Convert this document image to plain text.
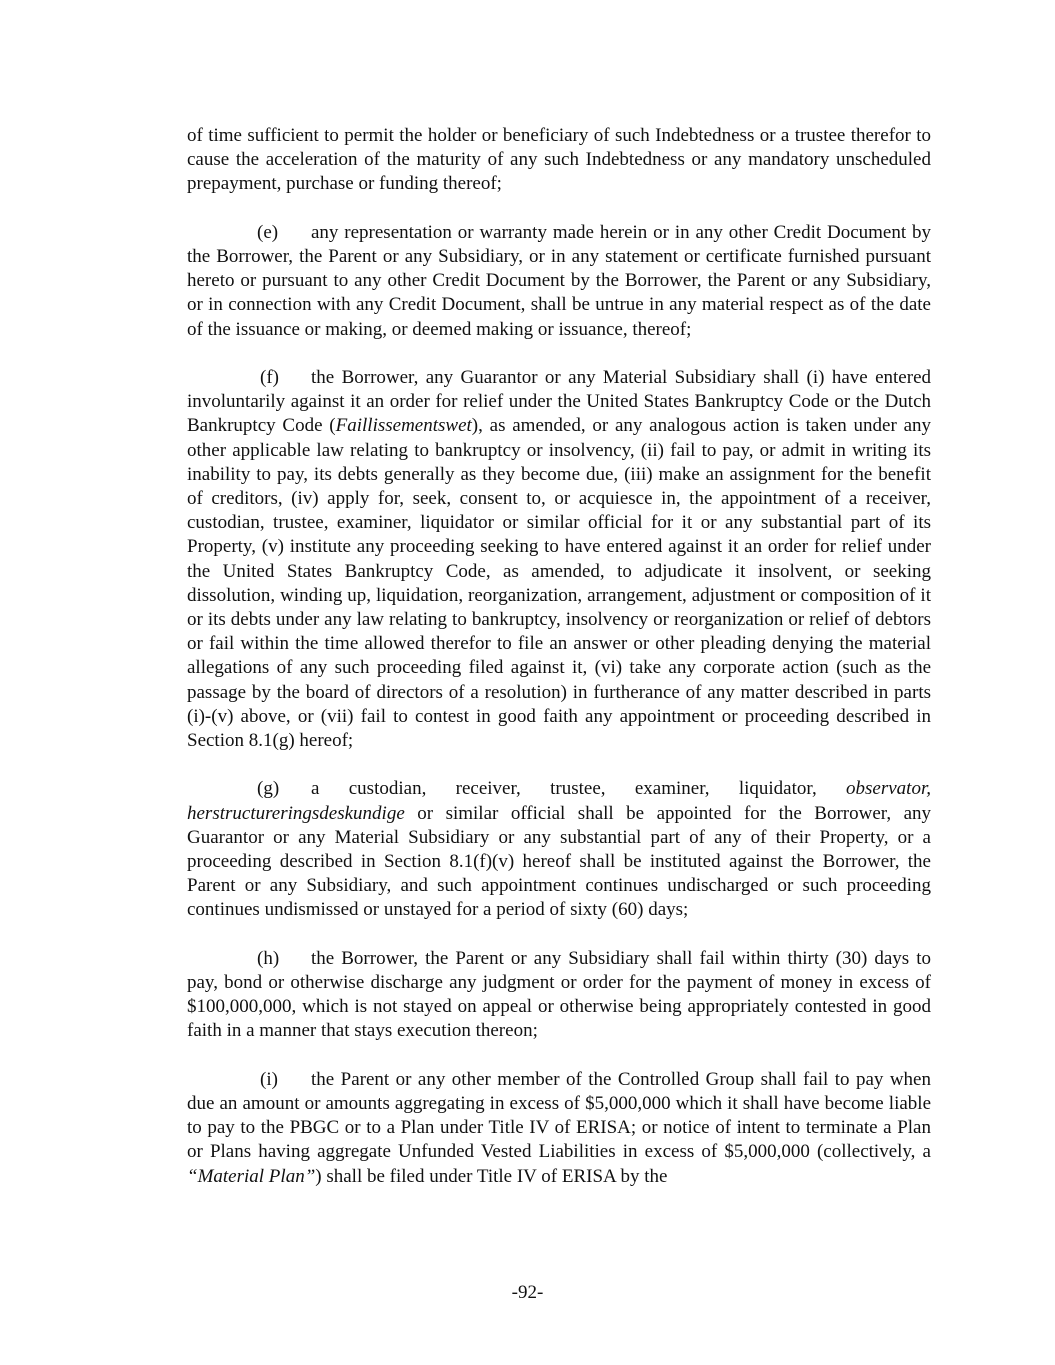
of time sufficient to permit the holder or beneficiary of such Indebtedness or a trustee therefor to cause the acceleration of the maturity of any such Indebtedness or any mandatory unscheduled prepayment, purchase or funding thereof;

(e) any representation or warranty made herein or in any other Credit Document by the Borrower, the Parent or any Subsidiary, or in any statement or certificate furnished pursuant hereto or pursuant to any other Credit Document by the Borrower, the Parent or any Subsidiary, or in connection with any Credit Document, shall be untrue in any material respect as of the date of the issuance or making, or deemed making or issuance, thereof;

(f) the Borrower, any Guarantor or any Material Subsidiary shall (i) have entered involuntarily against it an order for relief under the United States Bankruptcy Code or the Dutch Bankruptcy Code (Faillissementswet), as amended, or any analogous action is taken under any other applicable law relating to bankruptcy or insolvency, (ii) fail to pay, or admit in writing its inability to pay, its debts generally as they become due, (iii) make an assignment for the benefit of creditors, (iv) apply for, seek, consent to, or acquiesce in, the appointment of a receiver, custodian, trustee, examiner, liquidator or similar official for it or any substantial part of its Property, (v) institute any proceeding seeking to have entered against it an order for relief under the United States Bankruptcy Code, as amended, to adjudicate it insolvent, or seeking dissolution, winding up, liquidation, reorganization, arrangement, adjustment or composition of it or its debts under any law relating to bankruptcy, insolvency or reorganization or relief of debtors or fail within the time allowed therefor to file an answer or other pleading denying the material allegations of any such proceeding filed against it, (vi) take any corporate action (such as the passage by the board of directors of a resolution) in furtherance of any matter described in parts (i)-(v) above, or (vii) fail to contest in good faith any appointment or proceeding described in Section 8.1(g) hereof;

(g) a custodian, receiver, trustee, examiner, liquidator, observator, herstructureringsdeskundige or similar official shall be appointed for the Borrower, any Guarantor or any Material Subsidiary or any substantial part of any of their Property, or a proceeding described in Section 8.1(f)(v) hereof shall be instituted against the Borrower, the Parent or any Subsidiary, and such appointment continues undischarged or such proceeding continues undismissed or unstayed for a period of sixty (60) days;

(h) the Borrower, the Parent or any Subsidiary shall fail within thirty (30) days to pay, bond or otherwise discharge any judgment or order for the payment of money in excess of $100,000,000, which is not stayed on appeal or otherwise being appropriately contested in good faith in a manner that stays execution thereon;

(i) the Parent or any other member of the Controlled Group shall fail to pay when due an amount or amounts aggregating in excess of $5,000,000 which it shall have become liable to pay to the PBGC or to a Plan under Title IV of ERISA; or notice of intent to terminate a Plan or Plans having aggregate Unfunded Vested Liabilities in excess of $5,000,000 (collectively, a “Material Plan”) shall be filed under Title IV of ERISA by the

-92-
